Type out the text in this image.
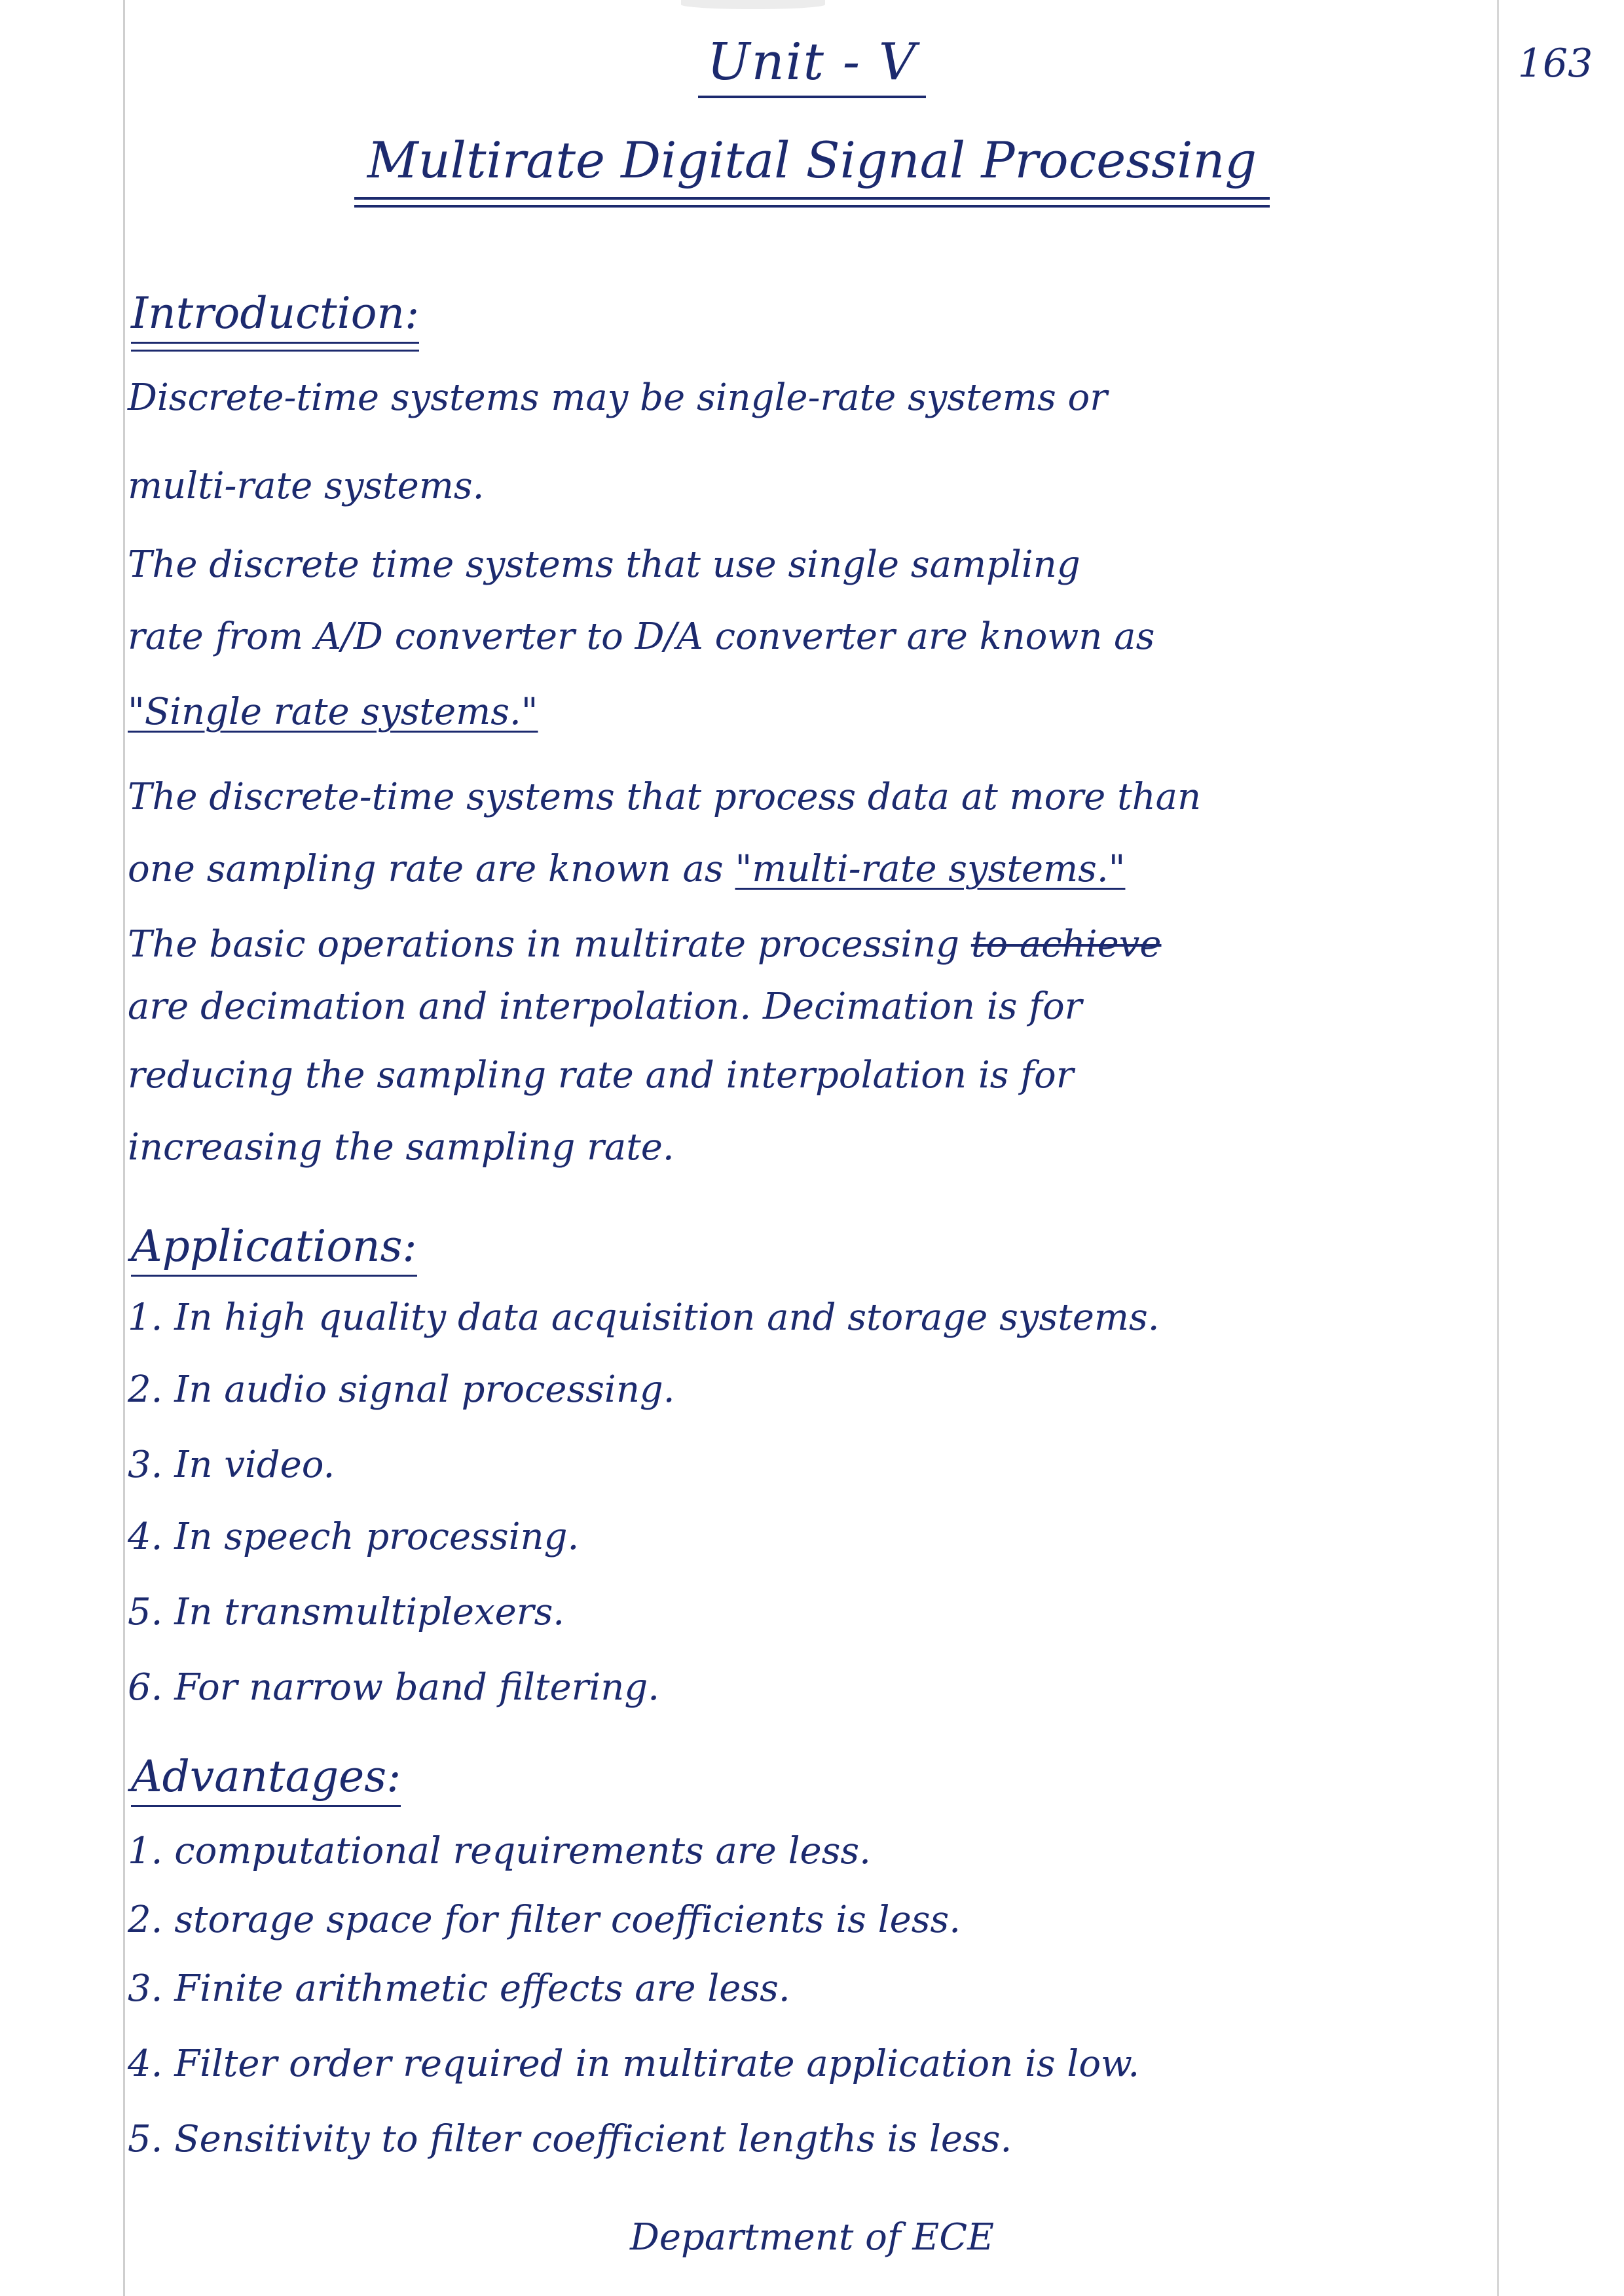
163
Unit - V
Multirate Digital Signal Processing
Introduction:
Discrete-time systems may be single-rate systems or
multi-rate systems.
The discrete time systems that use single sampling
rate from A/D converter to D/A converter are known as
"Single rate systems."
The discrete-time systems that process data at more than
one sampling rate are known as "multi-rate systems."
The basic operations in multirate processing to achieve
are decimation and interpolation. Decimation is for
reducing the sampling rate and interpolation is for
increasing the sampling rate.
Applications:
1. In high quality data acquisition and storage systems.
2. In audio signal processing.
3. In video.
4. In speech processing.
5. In transmultiplexers.
6. For narrow band filtering.
Advantages:
1. computational requirements are less.
2. storage space for filter coefficients is less.
3. Finite arithmetic effects are less.
4. Filter order required in multirate application is low.
5. Sensitivity to filter coefficient lengths is less.
Department of ECE
